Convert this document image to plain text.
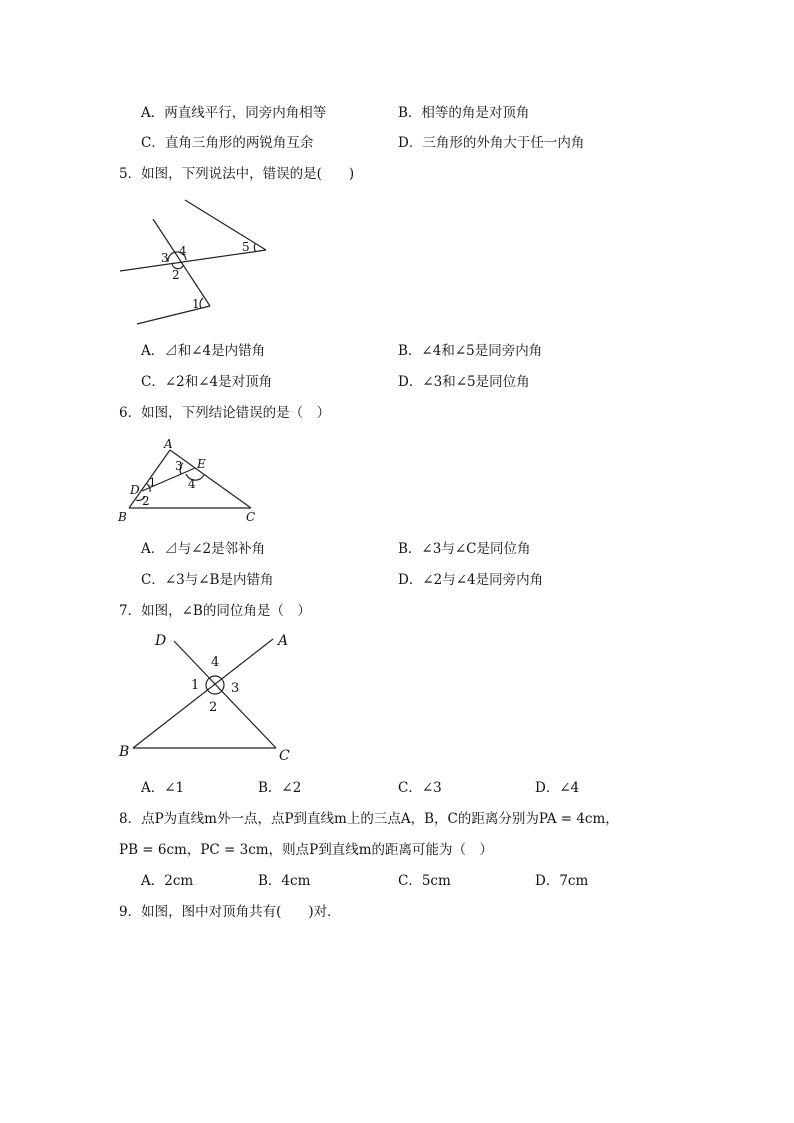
A．两直线平行，同旁内角相等	B．相等的角是对顶角
C．直角三角形的两锐角互余	D．三角形的外角大于任一内角
5．如图，下列说法中，错误的是(　　)
3 4
2
5
1
A．⊿和∠4是内错角	B．∠4和∠5是同旁内角
C．∠2和∠4是对顶角	D．∠3和∠5是同位角
6．如图，下列结论错误的是（　）
A
3 E
4
D
1
2
B	C
A．⊿与∠2是邻补角	B．∠3与∠C是同位角
C．∠3与∠B是内错角	D．∠2与∠4是同旁内角
7．如图，∠B的同位角是（　）
D	A
4
1 3
2
B	C
A．∠1	B．∠2	C．∠3	D．∠4
8．点P为直线m外一点，点P到直线m上的三点A，B，C的距离分别为PA = 4cm，
PB = 6cm，PC = 3cm，则点P到直线m的距离可能为（　）
A．2cm	B．4cm	C．5cm	D．7cm
9．如图，图中对顶角共有(　　)对．
